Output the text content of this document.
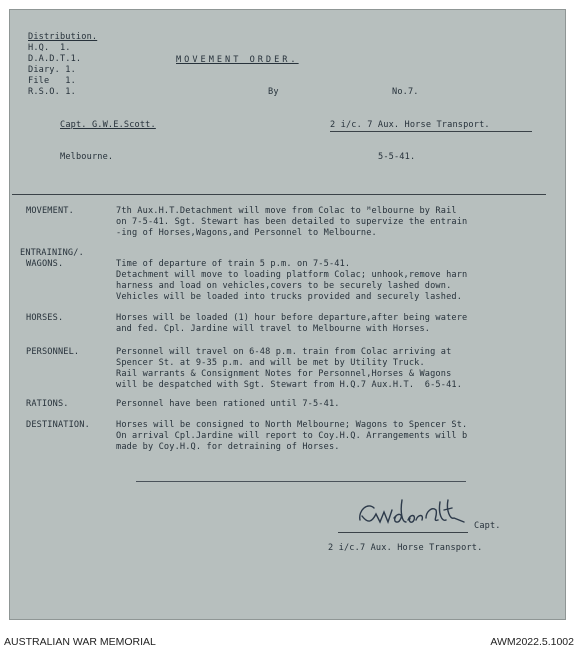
Distribution.
H.Q.  1.
D.A.D.T.1.
Diary. 1.
File   1.
R.S.O. 1.
MOVEMENT ORDER.
By	No.7.
Capt. G.W.E.Scott.	2 i/c. 7 Aux. Horse Transport.
Melbourne.	5-5-41.
MOVEMENT.	7th Aux.H.T.Detachment will move from Colac to ᴹelbourne by Rail
on 7-5-41. Sgt. Stewart has been detailed to supervize the entrain
-ing of Horses,Wagons,and Personnel to Melbourne.
ENTRAINING/.
WAGONS.	Time of departure of train 5 p.m. on 7-5-41.
Detachment will move to loading platform Colac; unhook,remove harn
harness and load on vehicles,covers to be securely lashed down.
Vehicles will be loaded into trucks provided and securely lashed.
HORSES.	Horses will be loaded (1) hour before departure,after being watere
and fed. Cpl. Jardine will travel to Melbourne with Horses.
PERSONNEL.	Personnel will travel on 6-48 p.m. train from Colac arriving at
Spencer St. at 9-35 p.m. and will be met by Utility Truck.
Rail warrants & Consignment Notes for Personnel,Horses & Wagons
will be despatched with Sgt. Stewart from H.Q.7 Aux.H.T.  6-5-41.
RATIONS.	Personnel have been rationed until 7-5-41.
DESTINATION.	Horses will be consigned to North Melbourne; Wagons to Spencer St.
On arrival Cpl.Jardine will report to Coy.H.Q. Arrangements will b
made by Coy.H.Q. for detraining of Horses.
Capt.
2 i/c.7 Aux. Horse Transport.
AUSTRALIAN WAR MEMORIAL	AWM2022.5.1002
